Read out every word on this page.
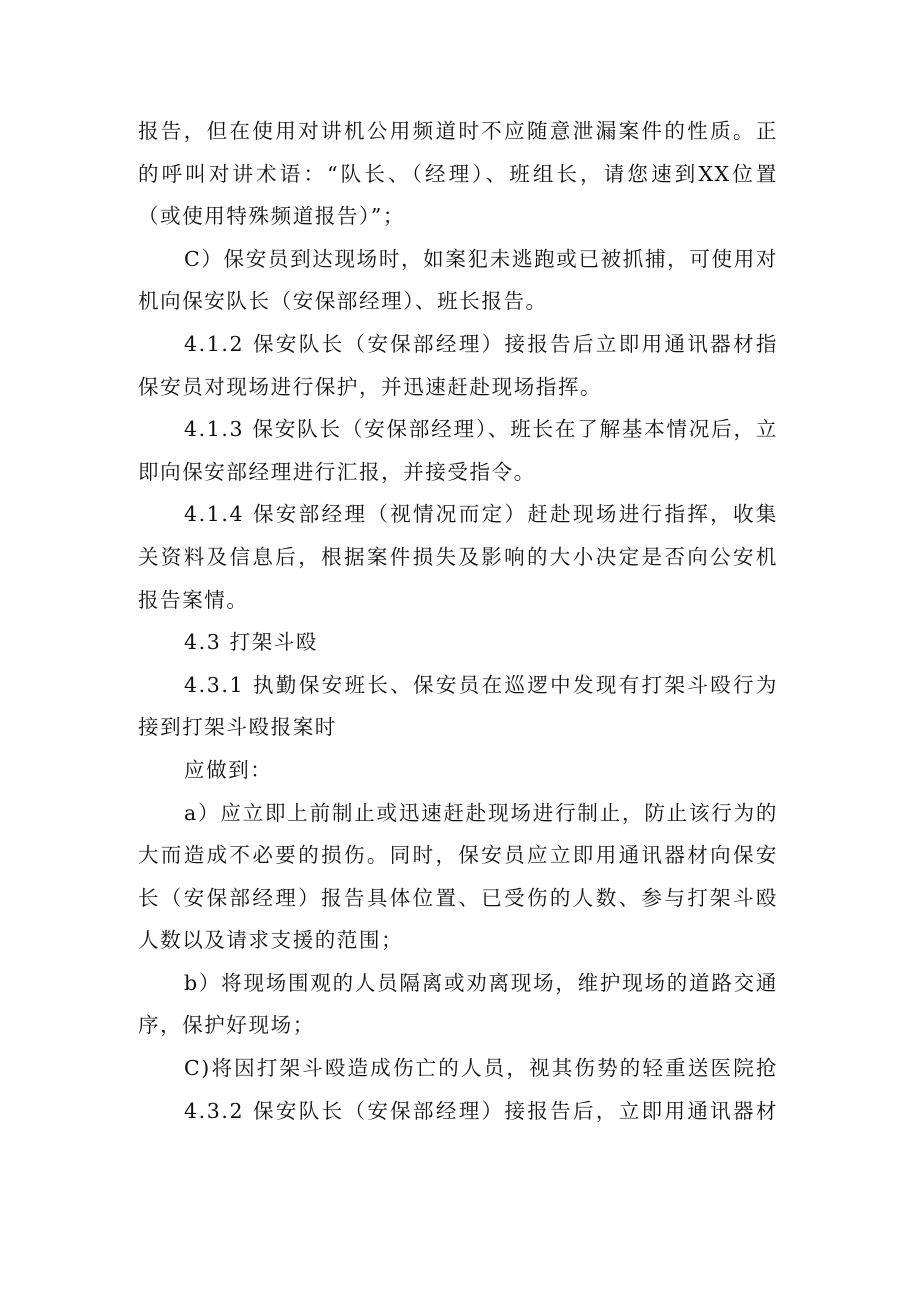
报告，但在使用对讲机公用频道时不应随意泄漏案件的性质。正
的呼叫对讲术语：“队长、（经理）、班组长，请您速到XX位置
（或使用特殊频道报告）”；
C）保安员到达现场时，如案犯未逃跑或已被抓捕，可使用对
机向保安队长（安保部经理）、班长报告。
4.1.2 保安队长（安保部经理）接报告后立即用通讯器材指
保安员对现场进行保护，并迅速赶赴现场指挥。
4.1.3 保安队长（安保部经理）、班长在了解基本情况后，立
即向保安部经理进行汇报，并接受指令。
4.1.4 保安部经理（视情况而定）赶赴现场进行指挥，收集
关资料及信息后，根据案件损失及影响的大小决定是否向公安机
报告案情。
4.3 打架斗殴
4.3.1 执勤保安班长、保安员在巡逻中发现有打架斗殴行为
接到打架斗殴报案时
应做到：
a）应立即上前制止或迅速赶赴现场进行制止，防止该行为的
大而造成不必要的损伤。同时，保安员应立即用通讯器材向保安
长（安保部经理）报告具体位置、已受伤的人数、参与打架斗殴
人数以及请求支援的范围；
b）将现场围观的人员隔离或劝离现场，维护现场的道路交通
序，保护好现场；
C)将因打架斗殴造成伤亡的人员，视其伤势的轻重送医院抢
4.3.2 保安队长（安保部经理）接报告后，立即用通讯器材
